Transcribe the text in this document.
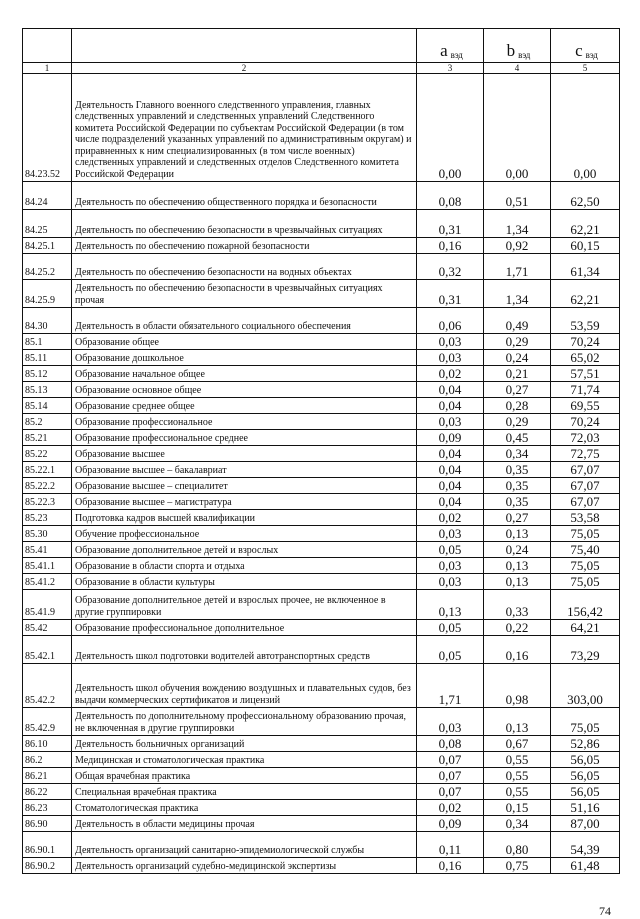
		a $_{вэд}$	b $_{вэд}$	c $_{вэд}$
1	2	3	4	5
84.23.52	Деятельность Главного военного следственного управления, главных следственных управлений и следственных управлений Следственного комитета Российской Федерации по субъектам Российской Федерации (в том числе подразделений указанных управлений по административным округам) и приравненных к ним специализированных (в том числе военных) следственных управлений и следственных отделов Следственного комитета Российской Федерации	0,00	0,00	0,00
84.24	Деятельность по обеспечению общественного порядка и безопасности	0,08	0,51	62,50
84.25	Деятельность по обеспечению безопасности в чрезвычайных ситуациях	0,31	1,34	62,21
84.25.1	Деятельность по обеспечению пожарной безопасности	0,16	0,92	60,15
84.25.2	Деятельность по обеспечению безопасности на водных объектах	0,32	1,71	61,34
84.25.9	Деятельность по обеспечению безопасности в чрезвычайных ситуациях прочая	0,31	1,34	62,21
84.30	Деятельность в области обязательного социального обеспечения	0,06	0,49	53,59
85.1	Образование общее	0,03	0,29	70,24
85.11	Образование дошкольное	0,03	0,24	65,02
85.12	Образование начальное общее	0,02	0,21	57,51
85.13	Образование основное общее	0,04	0,27	71,74
85.14	Образование среднее общее	0,04	0,28	69,55
85.2	Образование профессиональное	0,03	0,29	70,24
85.21	Образование профессиональное среднее	0,09	0,45	72,03
85.22	Образование высшее	0,04	0,34	72,75
85.22.1	Образование высшее – бакалавриат	0,04	0,35	67,07
85.22.2	Образование высшее – специалитет	0,04	0,35	67,07
85.22.3	Образование высшее – магистратура	0,04	0,35	67,07
85.23	Подготовка кадров высшей квалификации	0,02	0,27	53,58
85.30	Обучение профессиональное	0,03	0,13	75,05
85.41	Образование дополнительное детей и взрослых	0,05	0,24	75,40
85.41.1	Образование в области спорта и отдыха	0,03	0,13	75,05
85.41.2	Образование в области культуры	0,03	0,13	75,05
85.41.9	Образование дополнительное детей и взрослых прочее, не включенное в другие группировки	0,13	0,33	156,42
85.42	Образование профессиональное дополнительное	0,05	0,22	64,21
85.42.1	Деятельность школ подготовки водителей автотранспортных средств	0,05	0,16	73,29
85.42.2	Деятельность школ обучения вождению воздушных и плавательных судов, без выдачи коммерческих сертификатов и лицензий	1,71	0,98	303,00
85.42.9	Деятельность по дополнительному профессиональному образованию прочая, не включенная в другие группировки	0,03	0,13	75,05
86.10	Деятельность больничных организаций	0,08	0,67	52,86
86.2	Медицинская и стоматологическая практика	0,07	0,55	56,05
86.21	Общая врачебная практика	0,07	0,55	56,05
86.22	Специальная врачебная практика	0,07	0,55	56,05
86.23	Стоматологическая практика	0,02	0,15	51,16
86.90	Деятельность в области медицины прочая	0,09	0,34	87,00
86.90.1	Деятельность организаций санитарно-эпидемиологической службы	0,11	0,80	54,39
86.90.2	Деятельность организаций судебно-медицинской экспертизы	0,16	0,75	61,48
74
